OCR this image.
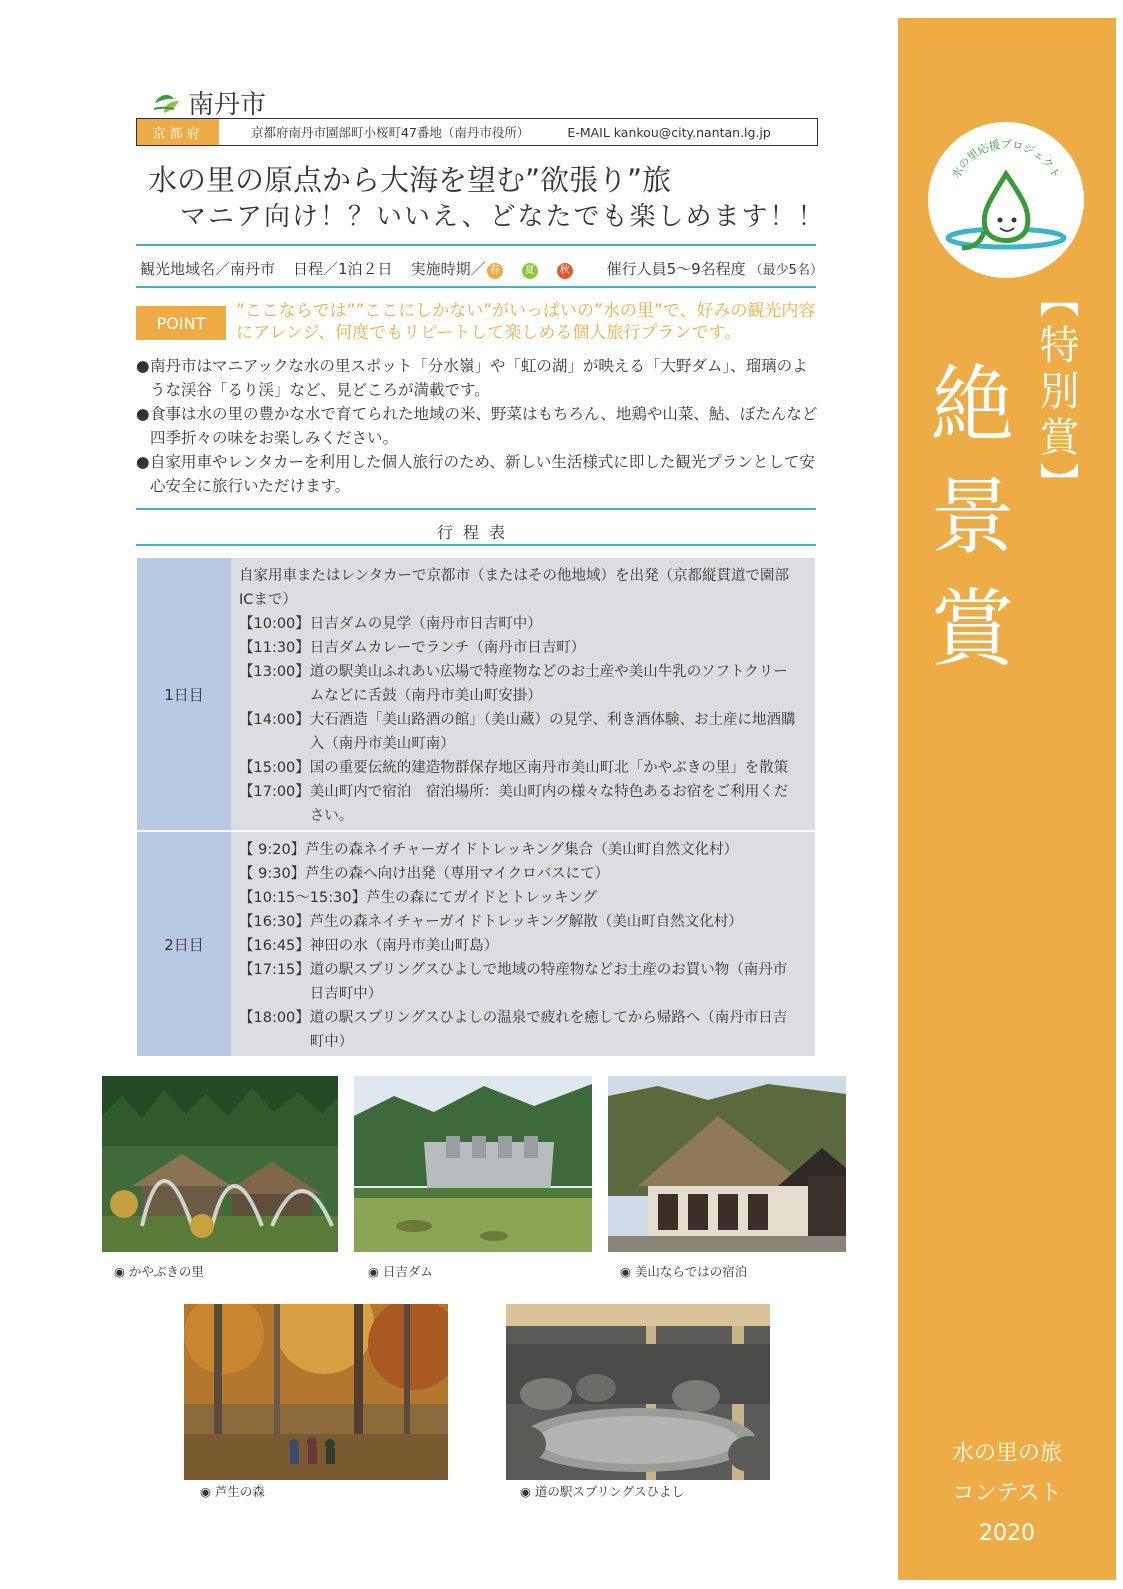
水の里応援プロジェクト
【特別賞】
絶景賞
水の里の旅
コンテスト
2020
南丹市
京都府	京都府南丹市園部町小桜町47番地（南丹市役所）	E-MAIL kankou@city.nantan.lg.jp
水の里の原点から大海を望む”欲張り”旅
マニア向け！？いいえ、どなたでも楽しめます！！
観光地域名／南丹市 日程／1泊２日 実施時期／ 春	夏	秋	催行人員5～9名程度 （最少5名）
POINT
”ここならでは””ここにしかない”がいっぱいの”水の里”で、好みの観光内容にアレンジ、何度でもリピートして楽しめる個人旅行プランです。
● 南丹市はマニアックな水の里スポット「分水嶺」や「虹の湖」が映える「大野ダム」、瑠璃のような渓谷「るり渓」など、見どころが満載です。
● 食事は水の里の豊かな水で育てられた地域の米、野菜はもちろん、地鶏や山菜、鮎、ぼたんなど四季折々の味をお楽しみください。
● 自家用車やレンタカーを利用した個人旅行のため、新しい生活様式に即した観光プランとして安心安全に旅行いただけます。
行程表
1日目
自家用車またはレンタカーで京都市（またはその他地域）を出発（京都縦貫道で園部ICまで）
【10:00】 日吉ダムの見学（南丹市日吉町中）
【11:30】 日吉ダムカレーでランチ（南丹市日吉町）
【13:00】 道の駅美山ふれあい広場で特産物などのお土産や美山牛乳のソフトクリームなどに舌鼓（南丹市美山町安掛）
【14:00】 大石酒造「美山路酒の館」（美山蔵）の見学、利き酒体験、お土産に地酒購入（南丹市美山町南）
【15:00】 国の重要伝統的建造物群保存地区南丹市美山町北「かやぶきの里」を散策
【17:00】 美山町内で宿泊　宿泊場所：美山町内の様々な特色あるお宿をご利用ください。
2日目
【 9:20】 芦生の森ネイチャーガイドトレッキング集合（美山町自然文化村）
【 9:30】 芦生の森へ向け出発（専用マイクロバスにて）
【10:15～15:30】 芦生の森にてガイドとトレッキング
【16:30】 芦生の森ネイチャーガイドトレッキング解散（美山町自然文化村）
【16:45】 神田の水（南丹市美山町島）
【17:15】 道の駅スプリングスひよしで地域の特産物などお土産のお買い物（南丹市日吉町中）
【18:00】 道の駅スプリングスひよしの温泉で疲れを癒してから帰路へ（南丹市日吉町中）
◉ かやぶきの里	◉ 日吉ダム	◉ 美山ならではの宿泊
◉ 芦生の森	◉ 道の駅スプリングスひよし
